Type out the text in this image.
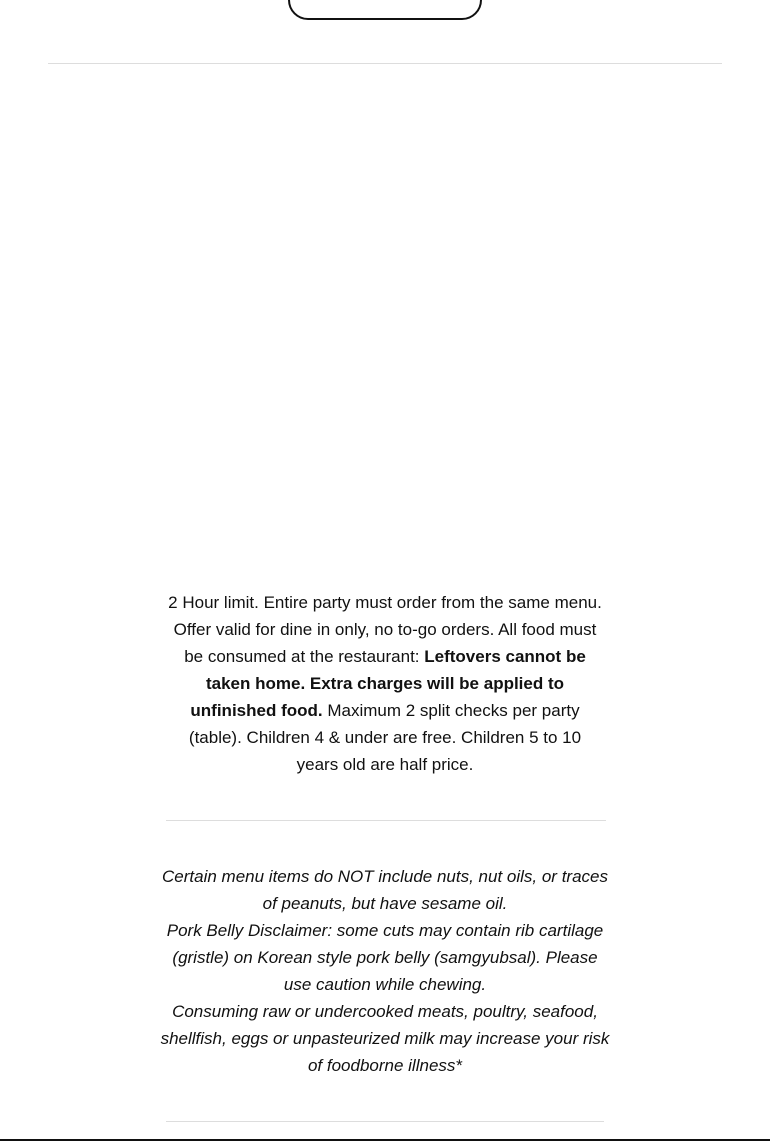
2 Hour limit. Entire party must order from the same menu. Offer valid for dine in only, no to-go orders. All food must be consumed at the restaurant: Leftovers cannot be taken home. Extra charges will be applied to unfinished food. Maximum 2 split checks per party (table). Children 4 & under are free. Children 5 to 10 years old are half price.

Certain menu items do NOT include nuts, nut oils, or traces of peanuts, but have sesame oil.
Pork Belly Disclaimer: some cuts may contain rib cartilage (gristle) on Korean style pork belly (samgyubsal). Please use caution while chewing.
Consuming raw or undercooked meats, poultry, seafood, shellfish, eggs or unpasteurized milk may increase your risk of foodborne illness*
